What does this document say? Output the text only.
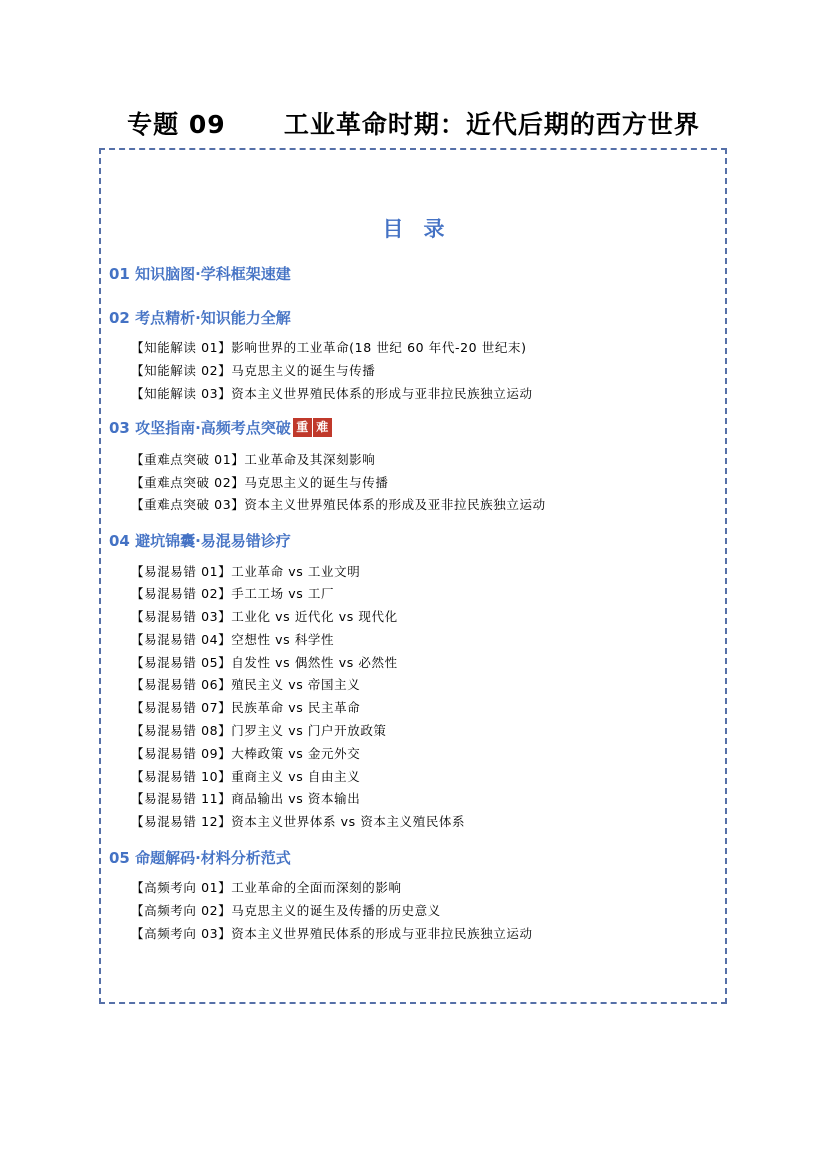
专题 09      工业革命时期：近代后期的西方世界
目录
01 知识脑图·学科框架速建
02 考点精析·知识能力全解
【知能解读 01】影响世界的工业革命(18 世纪 60 年代-20 世纪末)
【知能解读 02】马克思主义的诞生与传播
【知能解读 03】资本主义世界殖民体系的形成与亚非拉民族独立运动
03 攻坚指南·高频考点突破 重 难
【重难点突破 01】工业革命及其深刻影响
【重难点突破 02】马克思主义的诞生与传播
【重难点突破 03】资本主义世界殖民体系的形成及亚非拉民族独立运动
04 避坑锦囊·易混易错诊疗
【易混易错 01】工业革命 vs 工业文明
【易混易错 02】手工工场 vs 工厂
【易混易错 03】工业化 vs 近代化 vs 现代化
【易混易错 04】空想性 vs 科学性
【易混易错 05】自发性 vs 偶然性 vs 必然性
【易混易错 06】殖民主义 vs 帝国主义
【易混易错 07】民族革命 vs 民主革命
【易混易错 08】门罗主义 vs 门户开放政策
【易混易错 09】大棒政策 vs 金元外交
【易混易错 10】重商主义 vs 自由主义
【易混易错 11】商品输出 vs 资本输出
【易混易错 12】资本主义世界体系 vs 资本主义殖民体系
05 命题解码·材料分析范式
【高频考向 01】工业革命的全面而深刻的影响
【高频考向 02】马克思主义的诞生及传播的历史意义
【高频考向 03】资本主义世界殖民体系的形成与亚非拉民族独立运动
